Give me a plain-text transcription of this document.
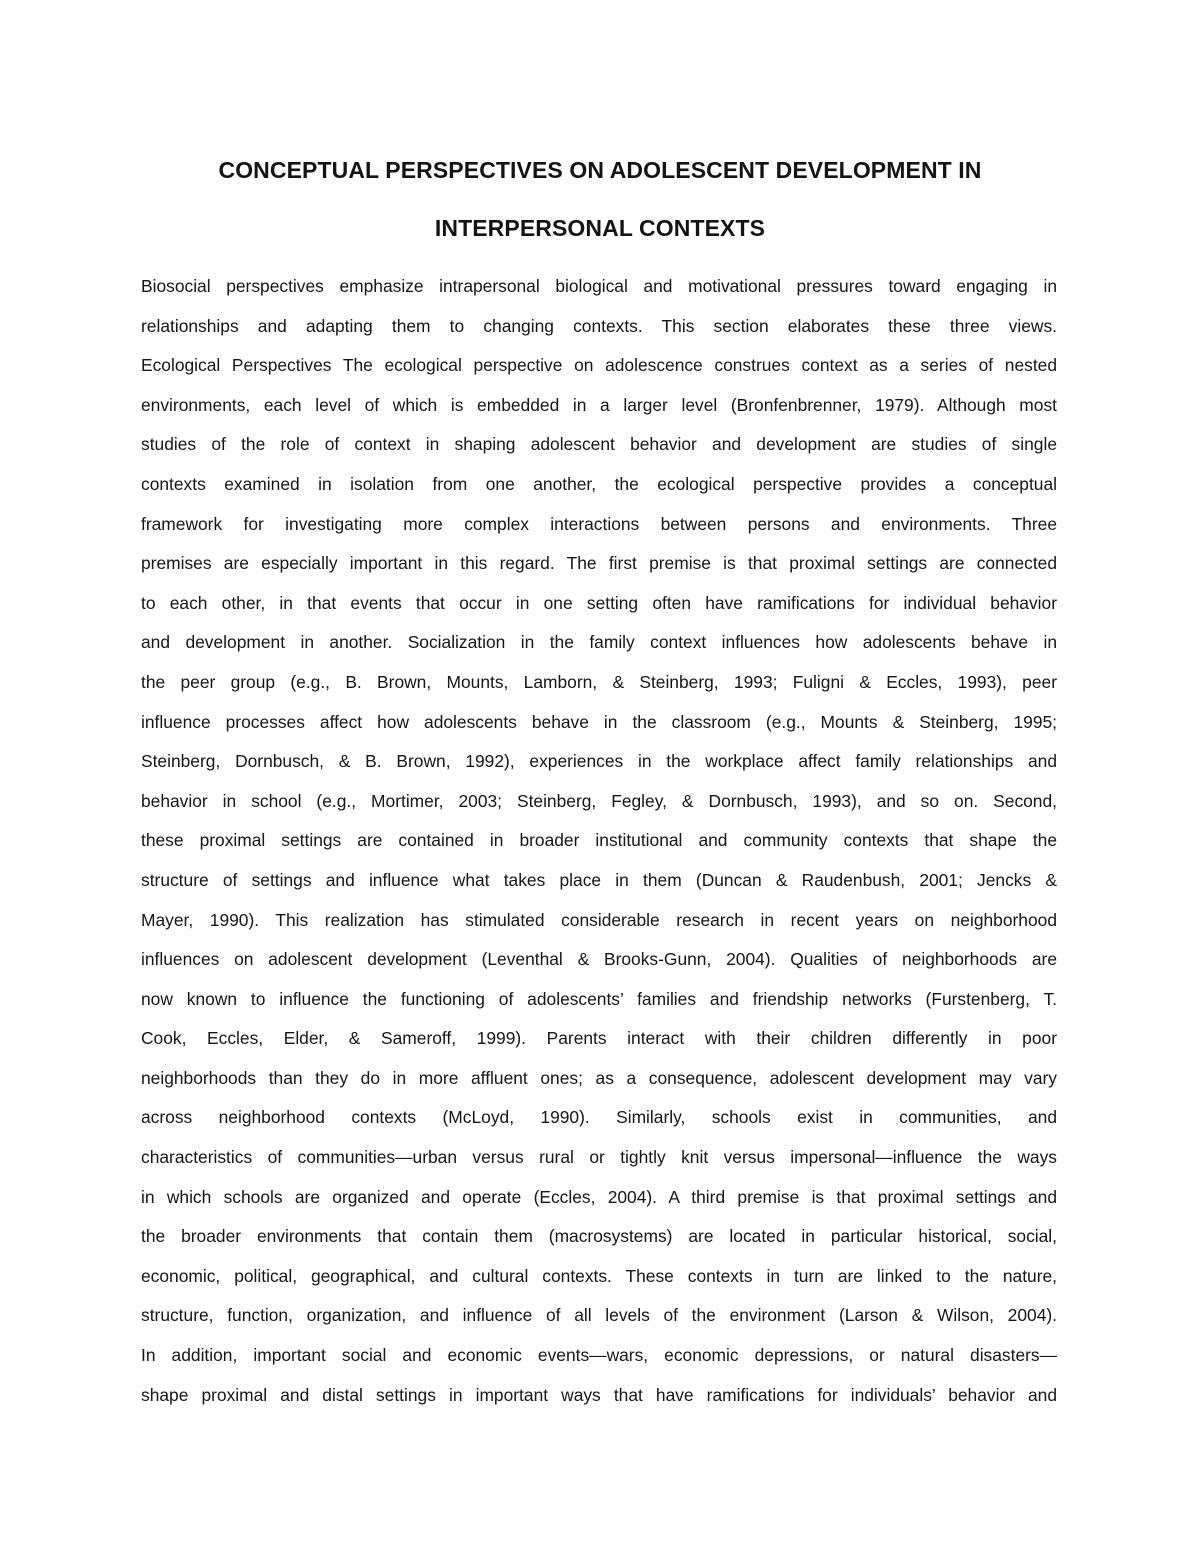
CONCEPTUAL PERSPECTIVES ON ADOLESCENT DEVELOPMENT IN
INTERPERSONAL CONTEXTS
Biosocial perspectives emphasize intrapersonal biological and motivational pressures toward engaging in
relationships and adapting them to changing contexts. This section elaborates these three views.
Ecological Perspectives The ecological perspective on adolescence construes context as a series of nested
environments, each level of which is embedded in a larger level (Bronfenbrenner, 1979). Although most
studies of the role of context in shaping adolescent behavior and development are studies of single
contexts examined in isolation from one another, the ecological perspective provides a conceptual
framework for investigating more complex interactions between persons and environments. Three
premises are especially important in this regard. The first premise is that proximal settings are connected
to each other, in that events that occur in one setting often have ramifications for individual behavior
and development in another. Socialization in the family context influences how adolescents behave in
the peer group (e.g., B. Brown, Mounts, Lamborn, & Steinberg, 1993; Fuligni & Eccles, 1993), peer
influence processes affect how adolescents behave in the classroom (e.g., Mounts & Steinberg, 1995;
Steinberg, Dornbusch, & B. Brown, 1992), experiences in the workplace affect family relationships and
behavior in school (e.g., Mortimer, 2003; Steinberg, Fegley, & Dornbusch, 1993), and so on. Second,
these proximal settings are contained in broader institutional and community contexts that shape the
structure of settings and influence what takes place in them (Duncan & Raudenbush, 2001; Jencks &
Mayer, 1990). This realization has stimulated considerable research in recent years on neighborhood
influences on adolescent development (Leventhal & Brooks-Gunn, 2004). Qualities of neighborhoods are
now known to influence the functioning of adolescents’ families and friendship networks (Furstenberg, T.
Cook, Eccles, Elder, & Sameroff, 1999). Parents interact with their children differently in poor
neighborhoods than they do in more affluent ones; as a consequence, adolescent development may vary
across neighborhood contexts (McLoyd, 1990). Similarly, schools exist in communities, and
characteristics of communities—urban versus rural or tightly knit versus impersonal—influence the ways
in which schools are organized and operate (Eccles, 2004). A third premise is that proximal settings and
the broader environments that contain them (macrosystems) are located in particular historical, social,
economic, political, geographical, and cultural contexts. These contexts in turn are linked to the nature,
structure, function, organization, and influence of all levels of the environment (Larson & Wilson, 2004).
In addition, important social and economic events—wars, economic depressions, or natural disasters—
shape proximal and distal settings in important ways that have ramifications for individuals’ behavior and
